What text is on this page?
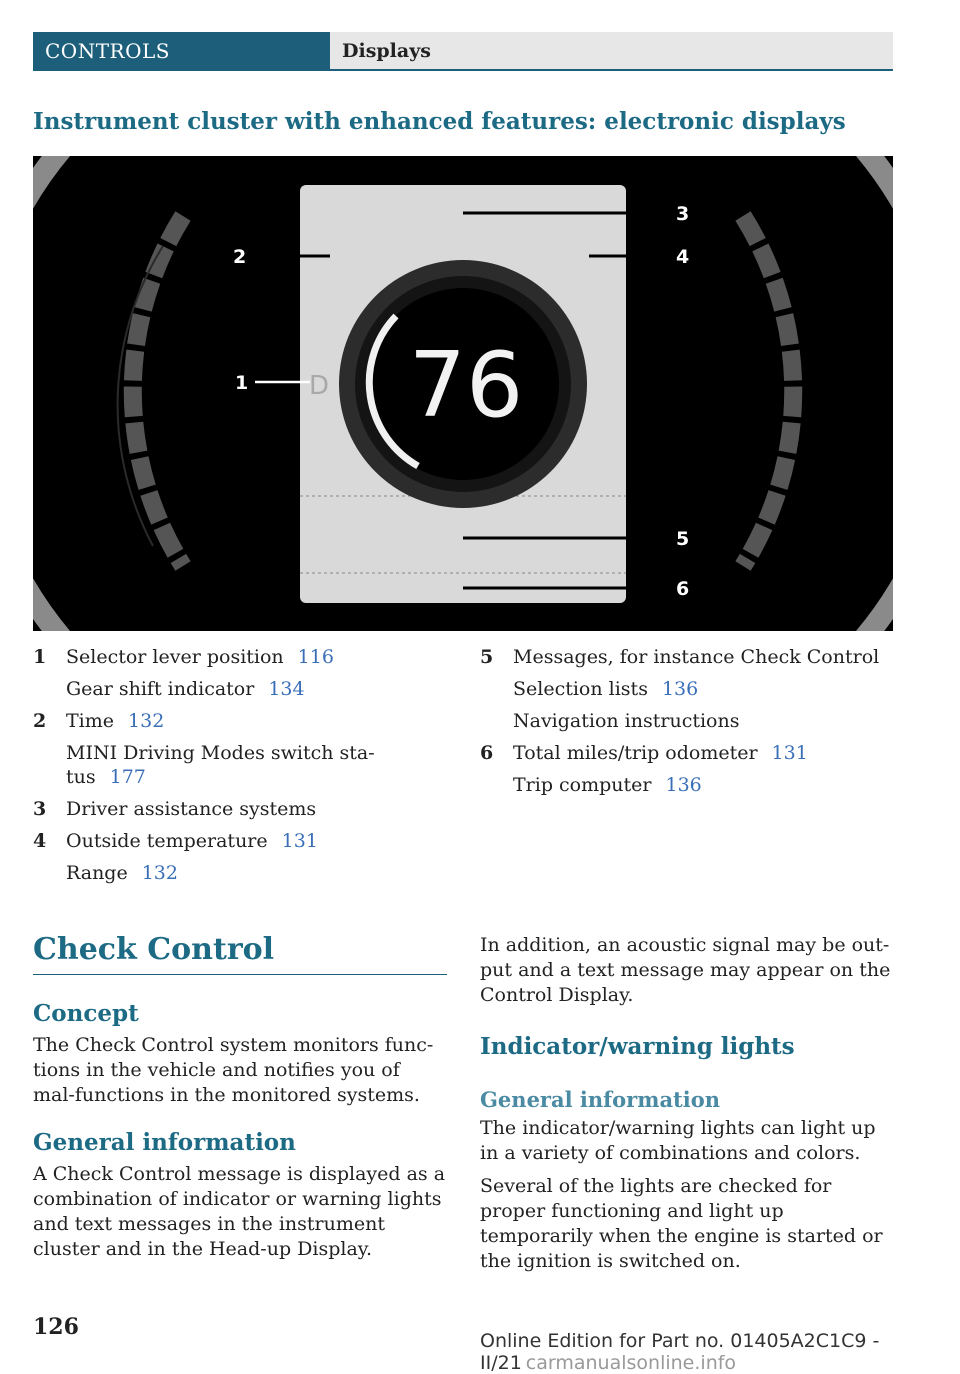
CONTROLS	Displays
Instrument cluster with enhanced features: electronic displays
76
D
1
2
3
4
5
6
1 Selector lever position 116
Gear shift indicator 134
2 Time 132
MINI Driving Modes switch sta-
tus 177
3 Driver assistance systems
4 Outside temperature 131
Range 132
5 Messages, for instance Check Control
Selection lists 136
Navigation instructions
6 Total miles/trip odometer 131
Trip computer 136
Check Control
Concept
The Check Control system monitors func-tions in the vehicle and notifies you of mal-functions in the monitored systems.
General information
A Check Control message is displayed as a combination of indicator or warning lights and text messages in the instrument cluster and in the Head-up Display.
In addition, an acoustic signal may be out-put and a text message may appear on the Control Display.
Indicator/warning lights
General information
The indicator/warning lights can light up in a variety of combinations and colors.
Several of the lights are checked for proper functioning and light up temporarily when the engine is started or the ignition is switched on.
126
Online Edition for Part no. 01405A2C1C9 - II/21 carmanualsonline.info
